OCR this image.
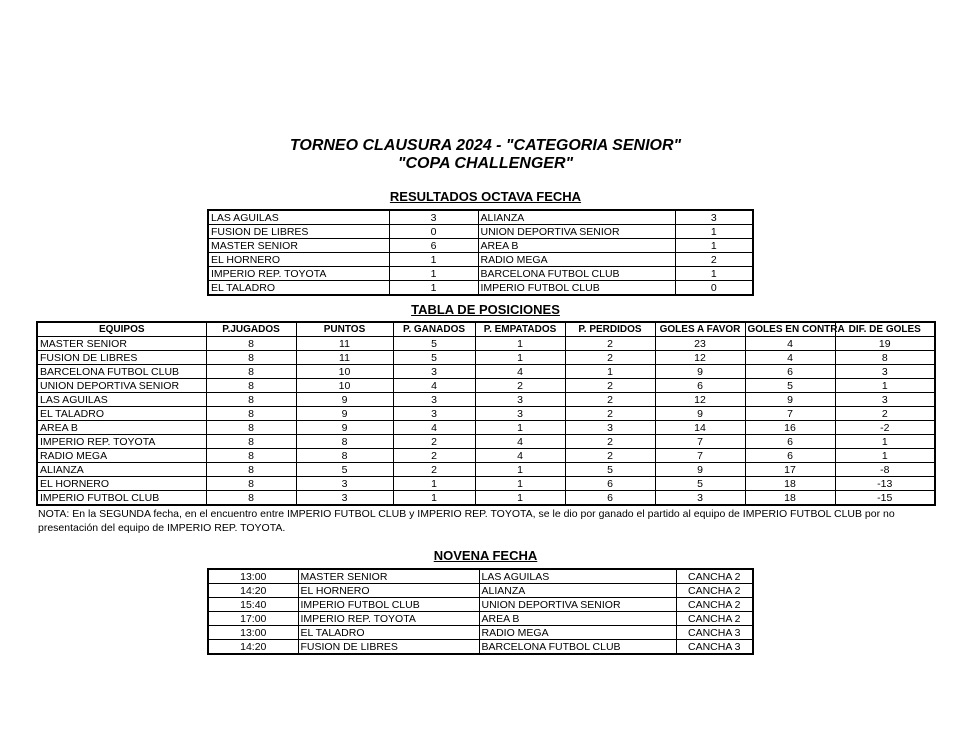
TORNEO CLAUSURA 2024 - "CATEGORIA SENIOR"
"COPA CHALLENGER"
RESULTADOS OCTAVA FECHA
LAS AGUILAS	3	ALIANZA	3
FUSION DE LIBRES	0	UNION DEPORTIVA SENIOR	1
MASTER SENIOR	6	AREA B	1
EL HORNERO	1	RADIO MEGA	2
IMPERIO REP. TOYOTA	1	BARCELONA FUTBOL CLUB	1
EL TALADRO	1	IMPERIO FUTBOL CLUB	0
TABLA DE POSICIONES
EQUIPOS	P.JUGADOS	PUNTOS	P. GANADOS	P. EMPATADOS	P. PERDIDOS	GOLES A FAVOR	GOLES EN CONTRA	DIF. DE GOLES
MASTER SENIOR	8	11	5	1	2	23	4	19
FUSION DE LIBRES	8	11	5	1	2	12	4	8
BARCELONA FUTBOL CLUB	8	10	3	4	1	9	6	3
UNION DEPORTIVA SENIOR	8	10	4	2	2	6	5	1
LAS AGUILAS	8	9	3	3	2	12	9	3
EL TALADRO	8	9	3	3	2	9	7	2
AREA B	8	9	4	1	3	14	16	-2
IMPERIO REP. TOYOTA	8	8	2	4	2	7	6	1
RADIO MEGA	8	8	2	4	2	7	6	1
ALIANZA	8	5	2	1	5	9	17	-8
EL HORNERO	8	3	1	1	6	5	18	-13
IMPERIO FUTBOL CLUB	8	3	1	1	6	3	18	-15
NOTA: En la SEGUNDA fecha, en el encuentro entre IMPERIO FUTBOL CLUB y IMPERIO REP. TOYOTA, se le dio por ganado el partido al equipo de IMPERIO FUTBOL CLUB por no presentación del equipo de IMPERIO REP. TOYOTA.
NOVENA FECHA
13:00	MASTER SENIOR	LAS AGUILAS	CANCHA 2
14:20	EL HORNERO	ALIANZA	CANCHA 2
15:40	IMPERIO FUTBOL CLUB	UNION DEPORTIVA SENIOR	CANCHA 2
17:00	IMPERIO REP. TOYOTA	AREA B	CANCHA 2
13:00	EL TALADRO	RADIO MEGA	CANCHA 3
14:20	FUSION DE LIBRES	BARCELONA FUTBOL CLUB	CANCHA 3
